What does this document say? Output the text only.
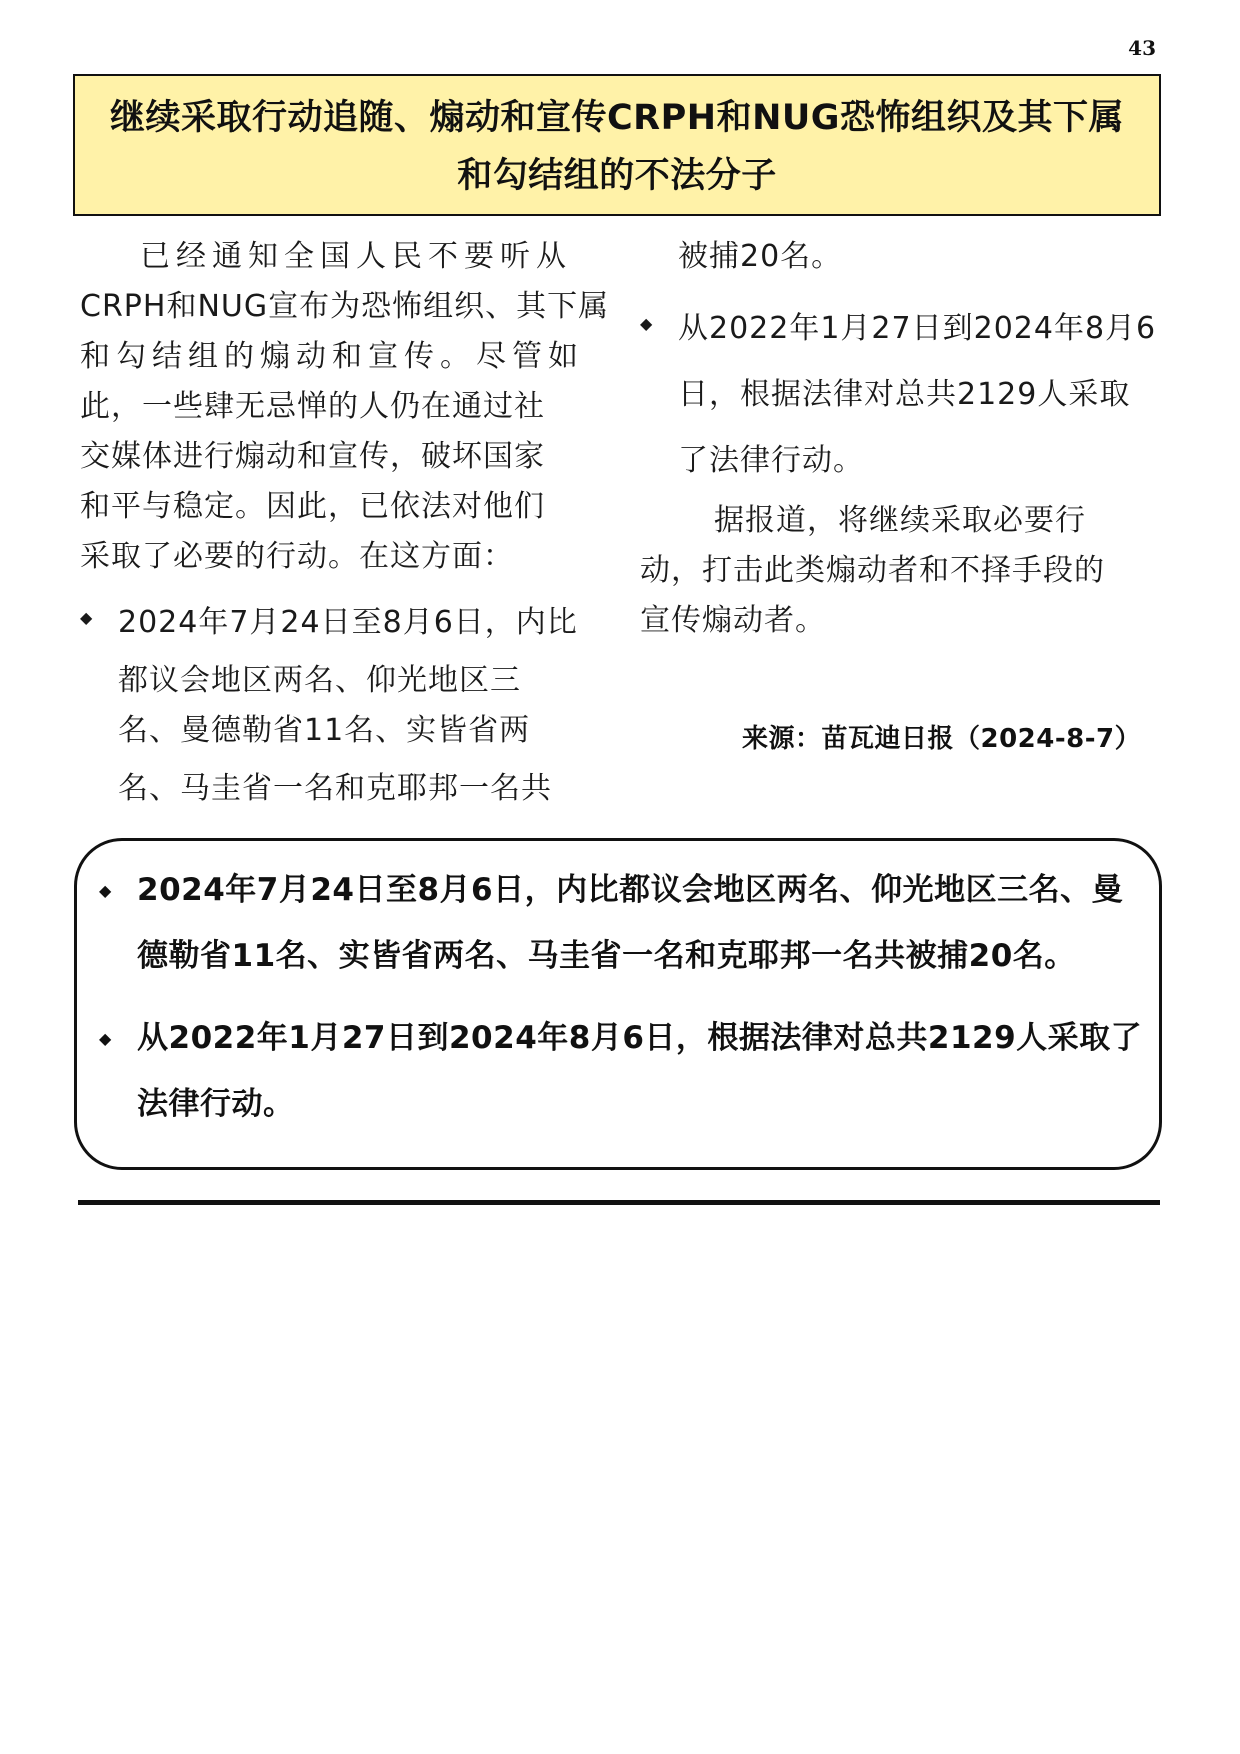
43
继续采取行动追随、煽动和宣传CRPH和NUG恐怖组织及其下属
和勾结组的不法分子
已经通知全国人民不要听从
CRPH和NUG宣布为恐怖组织、其下属
和勾结组的煽动和宣传。尽管如
此，一些肆无忌惮的人仍在通过社
交媒体进行煽动和宣传，破坏国家
和平与稳定。因此，已依法对他们
采取了必要的行动。在这方面：
◆ 2024年7月24日至8月6日，内比
都议会地区两名、仰光地区三
名、曼德勒省11名、实皆省两
名、马圭省一名和克耶邦一名共
被捕20名。
◆ 从2022年1月27日到2024年8月6
日，根据法律对总共2129人采取
了法律行动。
据报道，将继续采取必要行
动，打击此类煽动者和不择手段的
宣传煽动者。
来源：苗瓦迪日报（2024-8-7）
◆ 2024年7月24日至8月6日，内比都议会地区两名、仰光地区三名、曼
德勒省11名、实皆省两名、马圭省一名和克耶邦一名共被捕20名。
◆ 从2022年1月27日到2024年8月6日，根据法律对总共2129人采取了
法律行动。
